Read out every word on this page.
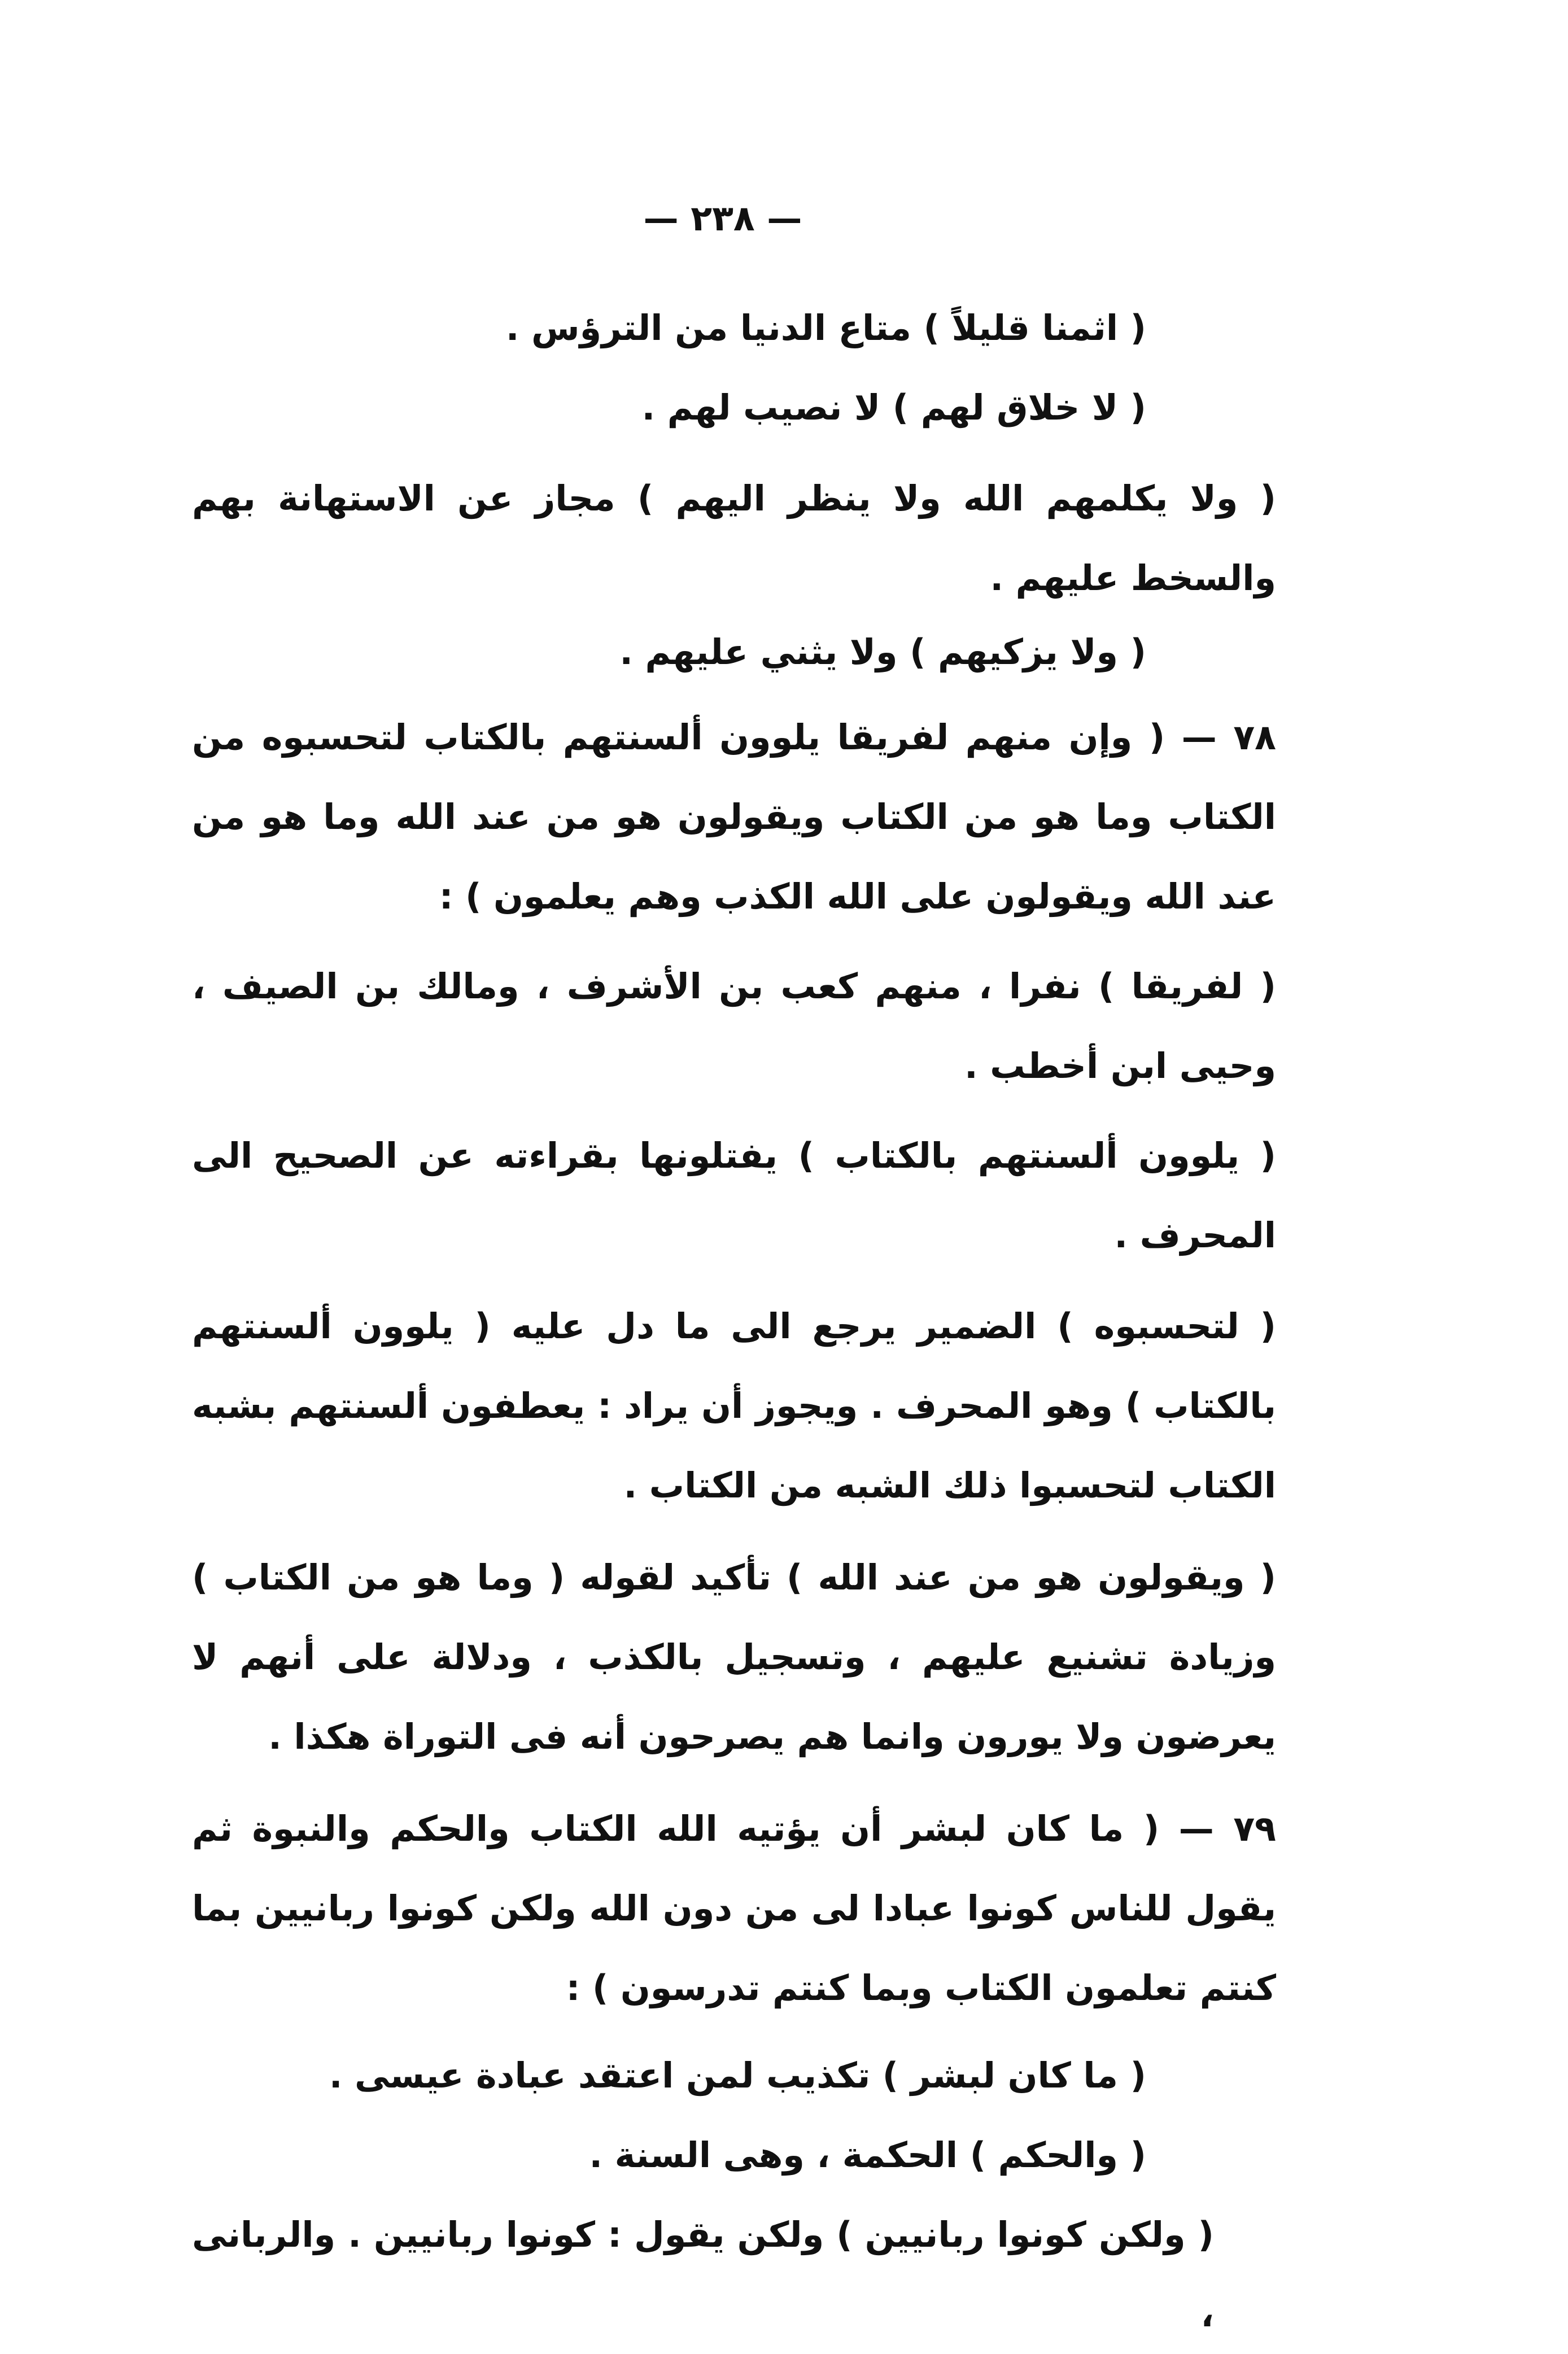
— ٢٣٨ —

( اثمنا قليلاً ) متاع الدنيا من الترؤس .

( لا خلاق لهم ) لا نصيب لهم .

( ولا يكلمهم الله ولا ينظر اليهم ) مجاز عن الاستهانة بهم والسخط عليهم .

( ولا يزكيهم ) ولا يثني عليهم .

٧٨ — ( وإن منهم لفريقا يلوون ألسنتهم بالكتاب لتحسبوه من الكتاب وما هو من الكتاب ويقولون هو من عند الله وما هو من عند الله ويقولون على الله الكذب وهم يعلمون ) :

( لفريقا ) نفرا ، منهم كعب بن الأشرف ، ومالك بن الصيف ، وحيى ابن أخطب .

( يلوون ألسنتهم بالكتاب ) يفتلونها بقراءته عن الصحيح الى المحرف .

( لتحسبوه ) الضمير يرجع الى ما دل عليه ( يلوون ألسنتهم بالكتاب ) وهو المحرف . ويجوز أن يراد : يعطفون ألسنتهم بشبه الكتاب لتحسبوا ذلك الشبه من الكتاب .

( ويقولون هو من عند الله ) تأكيد لقوله ( وما هو من الكتاب ) وزيادة تشنيع عليهم ، وتسجيل بالكذب ، ودلالة على أنهم لا يعرضون ولا يورون وانما هم يصرحون أنه فى التوراة هكذا .

٧٩ — ( ما كان لبشر أن يؤتيه الله الكتاب والحكم والنبوة ثم يقول للناس كونوا عبادا لى من دون الله ولكن كونوا ربانيين بما كنتم تعلمون الكتاب وبما كنتم تدرسون ) :

( ما كان لبشر ) تكذيب لمن اعتقد عبادة عيسى .

( والحكم ) الحكمة ، وهى السنة .

( ولكن كونوا ربانيين ) ولكن يقول : كونوا ربانيين . والربانى ،
